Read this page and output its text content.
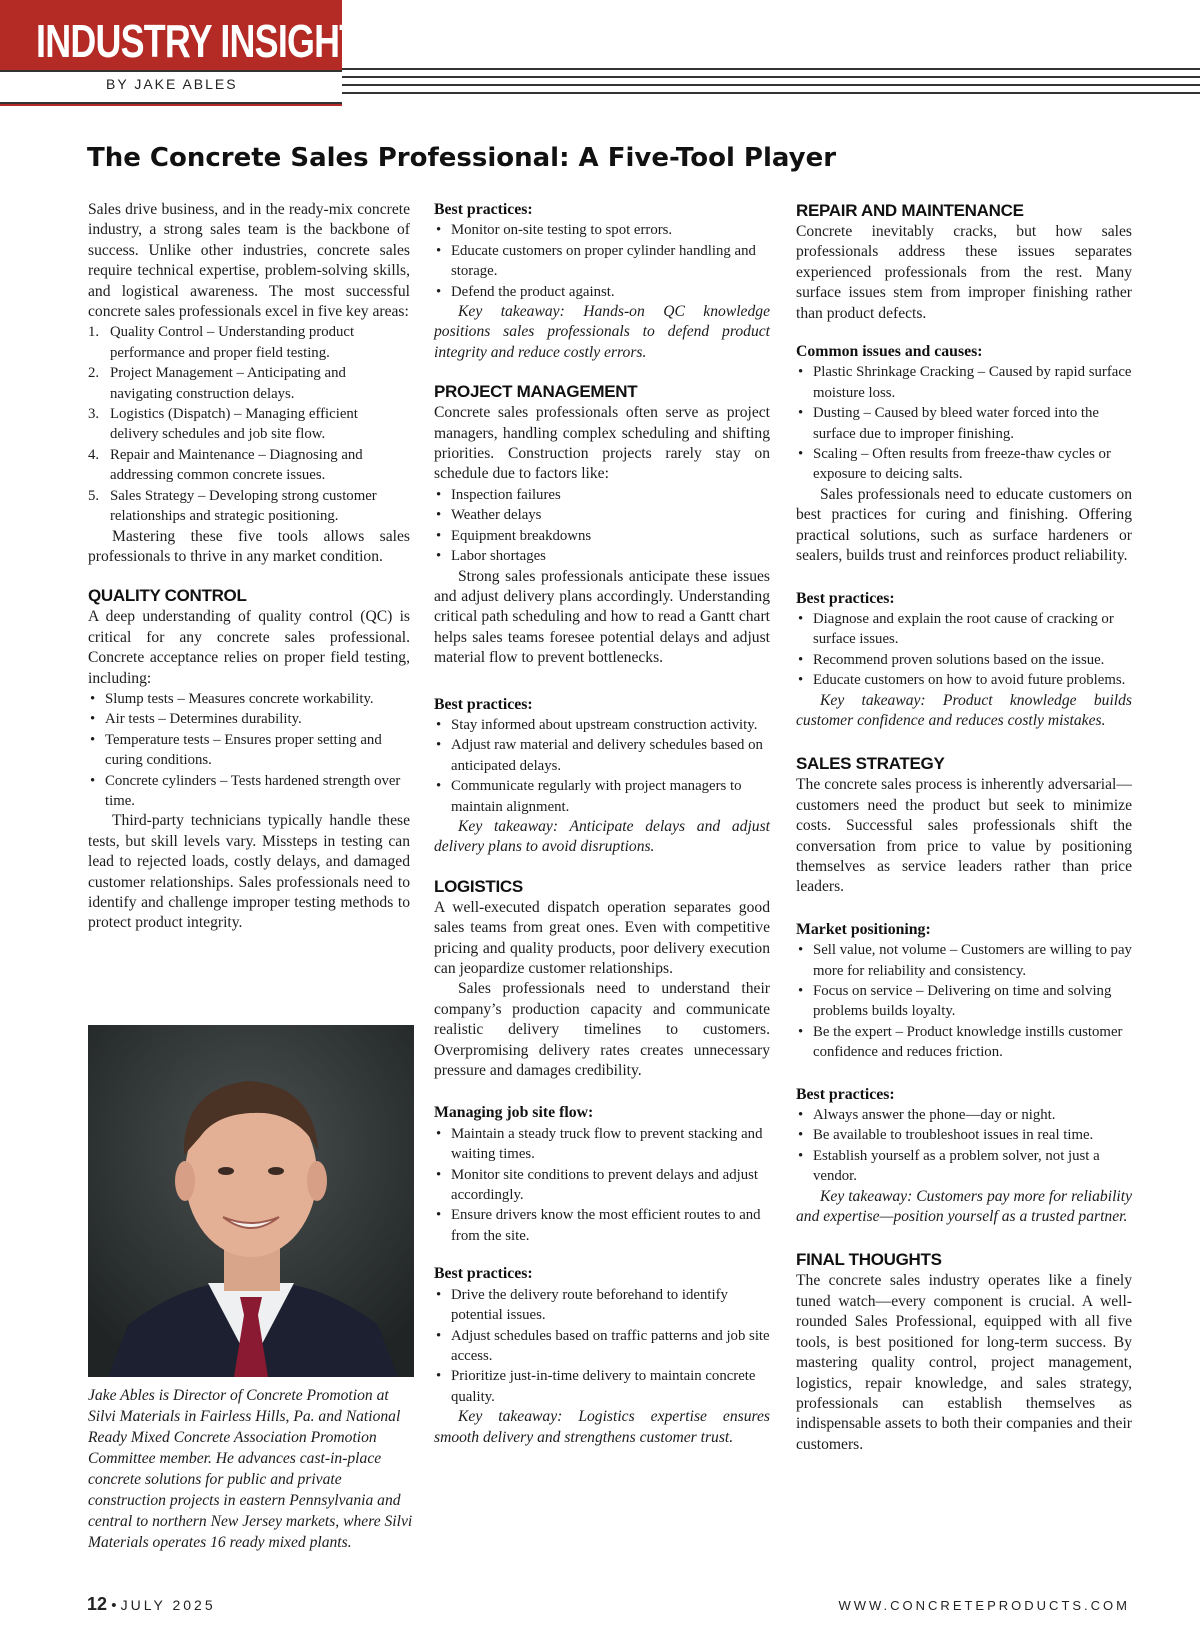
INDUSTRY INSIGHTS
BY JAKE ABLES
The Concrete Sales Professional: A Five-Tool Player

Sales drive business, and in the ready-mix concrete industry, a strong sales team is the backbone of success. Unlike other industries, concrete sales require technical expertise, problem-solving skills, and logistical awareness. The most successful concrete sales professionals excel in five key areas:

1. Quality Control – Understanding product performance and proper field testing.
2. Project Management – Anticipating and navigating construction delays.
3. Logistics (Dispatch) – Managing efficient delivery schedules and job site flow.
4. Repair and Maintenance – Diagnosing and addressing common concrete issues.
5. Sales Strategy – Developing strong customer relationships and strategic positioning.

Mastering these five tools allows sales professionals to thrive in any market condition.

QUALITY CONTROL

A deep understanding of quality control (QC) is critical for any concrete sales professional. Concrete acceptance relies on proper field testing, including:

• Slump tests – Measures concrete workability.
• Air tests – Determines durability.
• Temperature tests – Ensures proper setting and curing conditions.
• Concrete cylinders – Tests hardened strength over time.

Third-party technicians typically handle these tests, but skill levels vary. Missteps in testing can lead to rejected loads, costly delays, and damaged customer relationships. Sales professionals need to identify and challenge improper testing methods to protect product integrity.

Jake Ables is Director of Concrete Promotion at Silvi Materials in Fairless Hills, Pa. and National Ready Mixed Concrete Association Promotion Committee member. He advances cast-in-place concrete solutions for public and private construction projects in eastern Pennsylvania and central to northern New Jersey markets, where Silvi Materials operates 16 ready mixed plants.
Best practices:
• Monitor on-site testing to spot errors.
• Educate customers on proper cylinder handling and storage.
• Defend the product against.

Key takeaway: Hands-on QC knowledge positions sales professionals to defend product integrity and reduce costly errors.

PROJECT MANAGEMENT

Concrete sales professionals often serve as project managers, handling complex scheduling and shifting priorities. Construction projects rarely stay on schedule due to factors like:

• Inspection failures
• Weather delays
• Equipment breakdowns
• Labor shortages

Strong sales professionals anticipate these issues and adjust delivery plans accordingly. Understanding critical path scheduling and how to read a Gantt chart helps sales teams foresee potential delays and adjust material flow to prevent bottlenecks.

Best practices:
• Stay informed about upstream construction activity.
• Adjust raw material and delivery schedules based on anticipated delays.
• Communicate regularly with project managers to maintain alignment.

Key takeaway: Anticipate delays and adjust delivery plans to avoid disruptions.

LOGISTICS

A well-executed dispatch operation separates good sales teams from great ones. Even with competitive pricing and quality products, poor delivery execution can jeopardize customer relationships.

Sales professionals need to understand their company’s production capacity and communicate realistic delivery timelines to customers. Overpromising delivery rates creates unnecessary pressure and damages credibility.

Managing job site flow:
• Maintain a steady truck flow to prevent stacking and waiting times.
• Monitor site conditions to prevent delays and adjust accordingly.
• Ensure drivers know the most efficient routes to and from the site.
Best practices:
• Drive the delivery route beforehand to identify potential issues.
• Adjust schedules based on traffic patterns and job site access.
• Prioritize just-in-time delivery to maintain concrete quality.

Key takeaway: Logistics expertise ensures smooth delivery and strengthens customer trust.

REPAIR AND MAINTENANCE

Concrete inevitably cracks, but how sales professionals address these issues separates experienced professionals from the rest. Many surface issues stem from improper finishing rather than product defects.

Common issues and causes:
• Plastic Shrinkage Cracking – Caused by rapid surface moisture loss.
• Dusting – Caused by bleed water forced into the surface due to improper finishing.
• Scaling – Often results from freeze-thaw cycles or exposure to deicing salts.

Sales professionals need to educate customers on best practices for curing and finishing. Offering practical solutions, such as surface hardeners or sealers, builds trust and reinforces product reliability.

Best practices:
• Diagnose and explain the root cause of cracking or surface issues.
• Recommend proven solutions based on the issue.
• Educate customers on how to avoid future problems.

Key takeaway: Product knowledge builds customer confidence and reduces costly mistakes.

SALES STRATEGY

The concrete sales process is inherently adversarial—customers need the product but seek to minimize costs. Successful sales professionals shift the conversation from price to value by positioning themselves as service leaders rather than price leaders.

Market positioning:
• Sell value, not volume – Customers are willing to pay more for reliability and consistency.
• Focus on service – Delivering on time and solving problems builds loyalty.
• Be the expert – Product knowledge instills customer confidence and reduces friction.
Best practices:
• Always answer the phone—day or night.
• Be available to troubleshoot issues in real time.
• Establish yourself as a problem solver, not just a vendor.

Key takeaway: Customers pay more for reliability and expertise—position yourself as a trusted partner.

FINAL THOUGHTS

The concrete sales industry operates like a finely tuned watch—every component is crucial. A well-rounded Sales Professional, equipped with all five tools, is best positioned for long-term success. By mastering quality control, project management, logistics, repair knowledge, and sales strategy, professionals can establish themselves as indispensable assets to both their companies and their customers.

12 • JULY 2025	WWW.CONCRETEPRODUCTS.COM
